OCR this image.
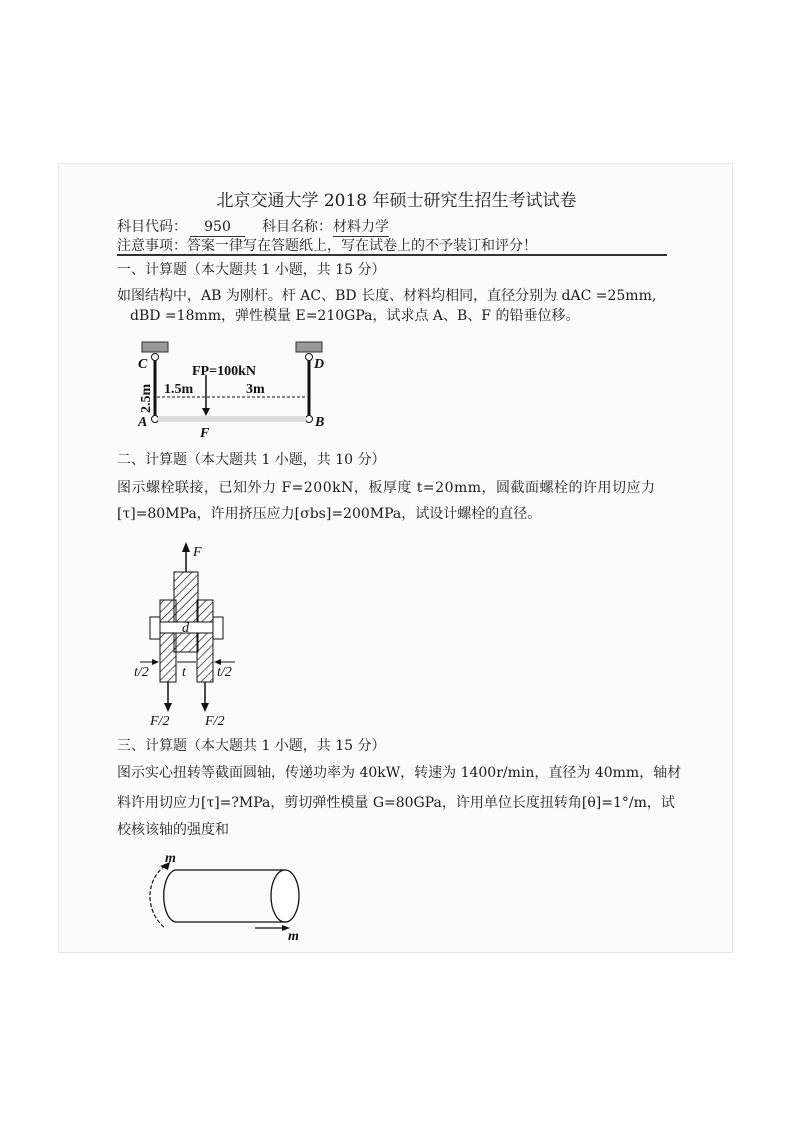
北京交通大学 2018 年硕士研究生招生考试试卷
科目代码：	950	科目名称： 材料力学
注意事项：答案一律写在答题纸上，写在试卷上的不予装订和评分！
一、计算题（本大题共 1 小题，共 15 分）
如图结构中，AB 为刚杆。杆 AC、BD 长度、材料均相同，直径分别为 dAC =25mm,
dBD =18mm，弹性模量 E=210GPa，试求点 A、B、F 的铅垂位移。
C	D
A	B
F
FP=100kN
1.5m	3m
2.5m
二、计算题（本大题共 1 小题，共 10 分）
图示螺栓联接，已知外力 F=200kN，板厚度 t=20mm，圆截面螺栓的许用切应力
[τ]=80MPa，许用挤压应力[σbs]=200MPa，试设计螺栓的直径。
F
d
t
t/2	t/2
F/2	F/2
三、计算题（本大题共 1 小题，共 15 分）
图示实心扭转等截面圆轴，传递功率为 40kW，转速为 1400r/min，直径为 40mm，轴材
料许用切应力[τ]=?MPa，剪切弹性模量 G=80GPa，许用单位长度扭转角[θ]=1°/m，试
校核该轴的强度和
m
m
